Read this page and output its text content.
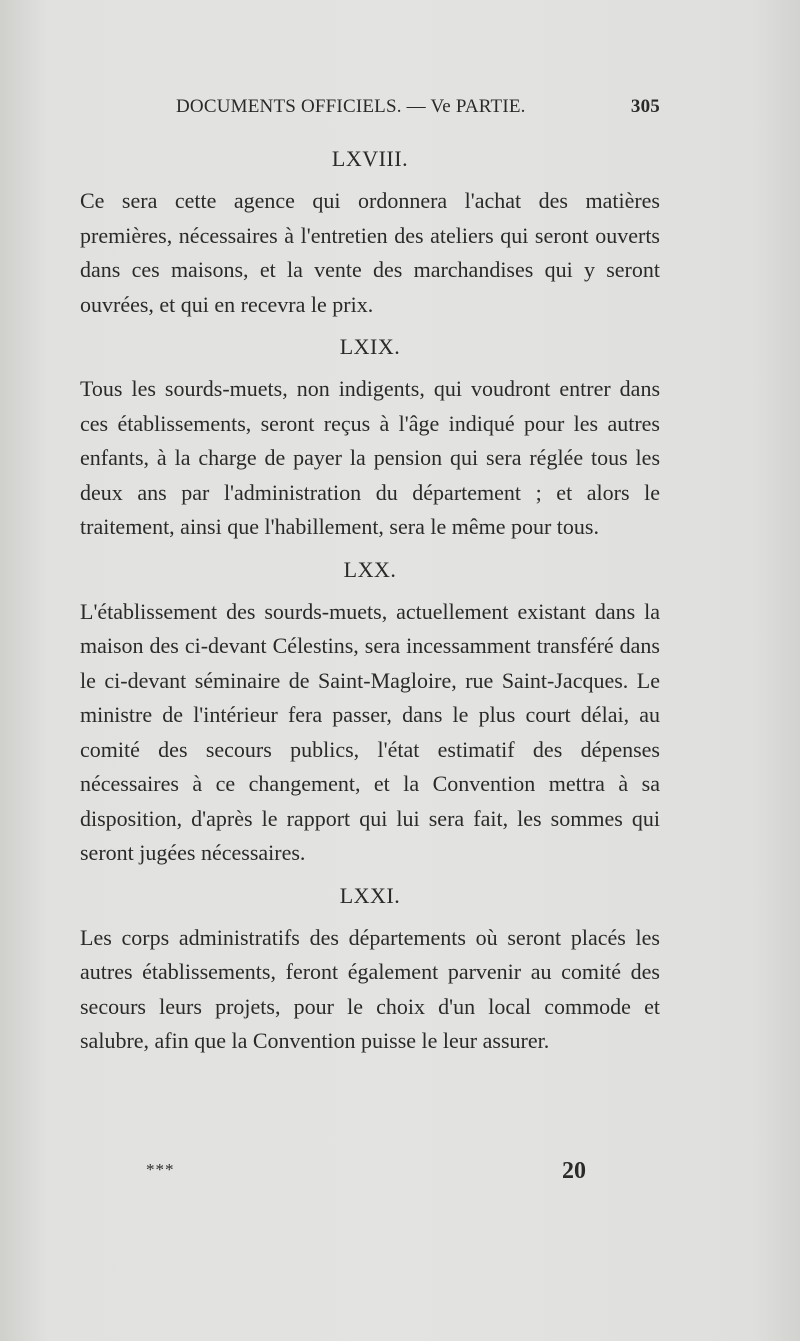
DOCUMENTS OFFICIELS. — Ve PARTIE.	305
LXVIII.

Ce sera cette agence qui ordonnera l'achat des matières premières, nécessaires à l'entretien des ateliers qui seront ouverts dans ces maisons, et la vente des marchandises qui y seront ouvrées, et qui en recevra le prix.

LXIX.

Tous les sourds-muets, non indigents, qui voudront entrer dans ces établissements, seront reçus à l'âge indiqué pour les autres enfants, à la charge de payer la pension qui sera réglée tous les deux ans par l'administration du département ; et alors le traitement, ainsi que l'habillement, sera le même pour tous.

LXX.

L'établissement des sourds-muets, actuellement existant dans la maison des ci-devant Célestins, sera incessamment transféré dans le ci-devant séminaire de Saint-Magloire, rue Saint-Jacques. Le ministre de l'intérieur fera passer, dans le plus court délai, au comité des secours publics, l'état estimatif des dépenses nécessaires à ce changement, et la Convention mettra à sa disposition, d'après le rapport qui lui sera fait, les sommes qui seront jugées nécessaires.

LXXI.

Les corps administratifs des départements où seront placés les autres établissements, feront également parvenir au comité des secours leurs projets, pour le choix d'un local commode et salubre, afin que la Convention puisse le leur assurer.

***	20
